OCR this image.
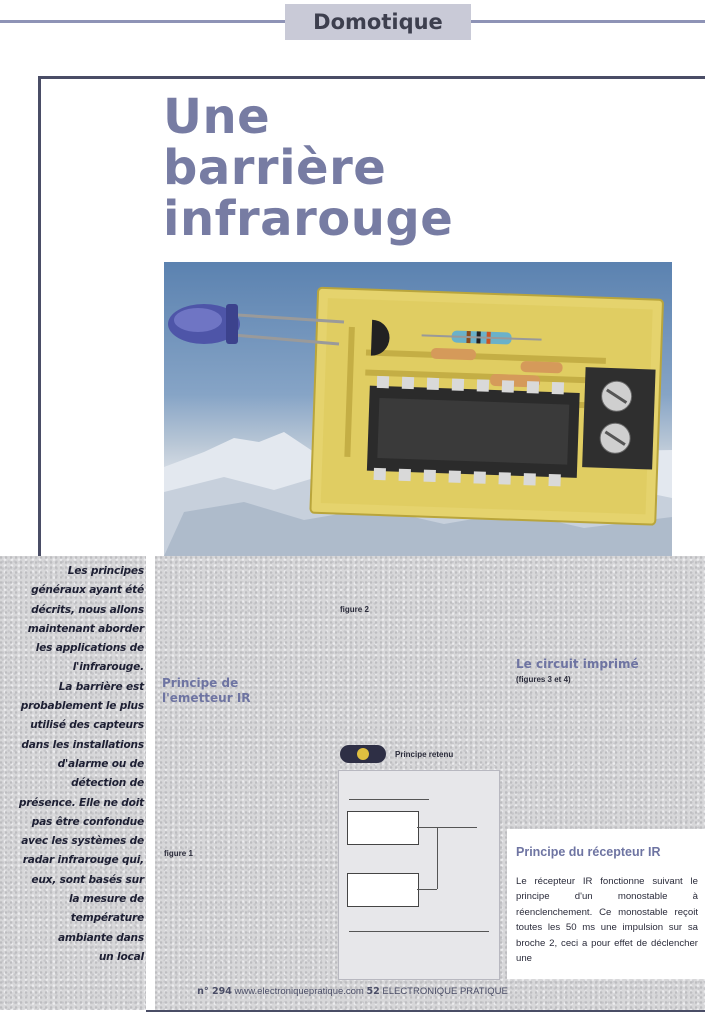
Domotique
Une
barrière
infrarouge
Les principes
généraux ayant été
décrits, nous allons
maintenant aborder
les applications de
l'infrarouge.
La barrière est
probablement le plus
utilisé des capteurs
dans les installations
d'alarme ou de
détection de
présence. Elle ne doit
pas être confondue
avec les systèmes de
radar infrarouge qui,
eux, sont basés sur
la mesure de
température
ambiante dans
un local
Principe de l'emetteur IR
figure 1
figure 2
Principe retenu
Le circuit imprimé
(figures 3 et 4)
Principe du récepteur IR
Le récepteur IR fonctionne suivant le principe d'un monostable à réenclenchement. Ce monostable reçoit toutes les 50 ms une impulsion sur sa broche 2, ceci a pour effet de déclencher une
n° 294 www.electroniquepratique.com 52 ELECTRONIQUE PRATIQUE
